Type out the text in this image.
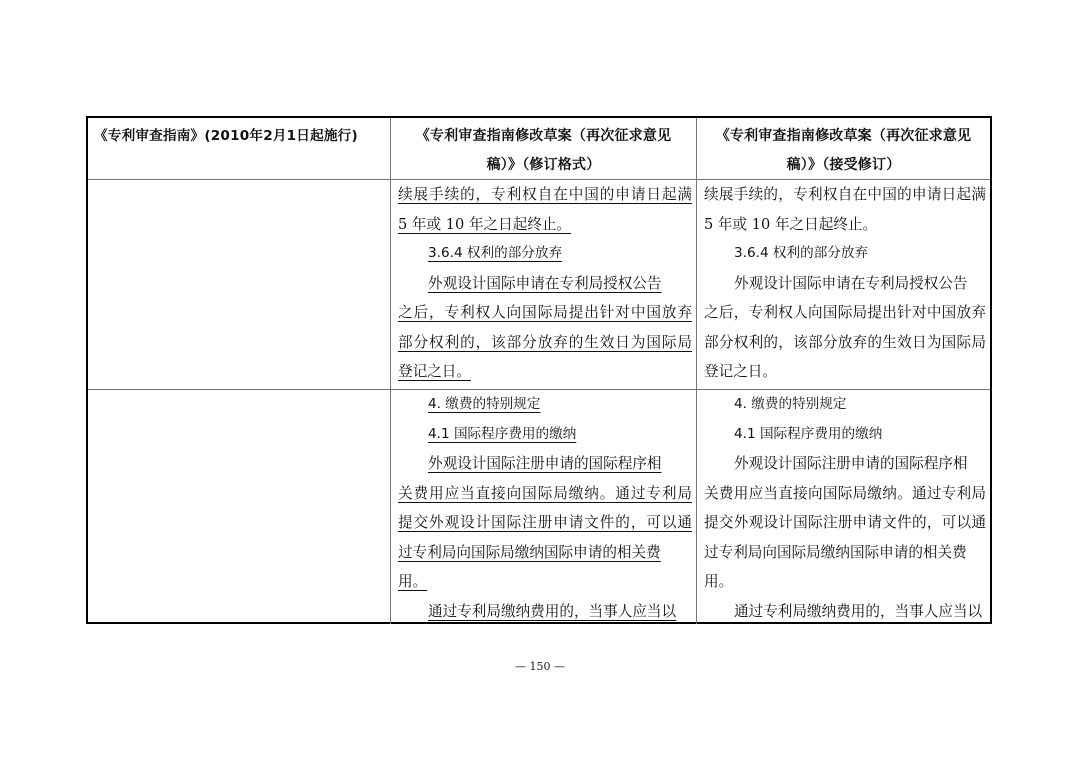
《专利审查指南》(2010年2月1日起施行)	《专利审查指南修改草案（再次征求意见
稿）》（修订格式）
《专利审查指南修改草案（再次征求意见
稿）》（接受修订）
续展手续的，专利权自在中国的申请日起满
5 年或 10 年之日起终止。
3.6.4 权利的部分放弃
外观设计国际申请在专利局授权公告
之后，专利权人向国际局提出针对中国放弃
部分权利的，该部分放弃的生效日为国际局
登记之日。
续展手续的，专利权自在中国的申请日起满
5 年或 10 年之日起终止。
3.6.4 权利的部分放弃
外观设计国际申请在专利局授权公告
之后，专利权人向国际局提出针对中国放弃
部分权利的，该部分放弃的生效日为国际局
登记之日。
4. 缴费的特别规定
4.1 国际程序费用的缴纳
外观设计国际注册申请的国际程序相
关费用应当直接向国际局缴纳。通过专利局
提交外观设计国际注册申请文件的，可以通
过专利局向国际局缴纳国际申请的相关费
用。
通过专利局缴纳费用的，当事人应当以
4. 缴费的特别规定
4.1 国际程序费用的缴纳
外观设计国际注册申请的国际程序相
关费用应当直接向国际局缴纳。通过专利局
提交外观设计国际注册申请文件的，可以通
过专利局向国际局缴纳国际申请的相关费
用。
通过专利局缴纳费用的，当事人应当以
— 150 —
